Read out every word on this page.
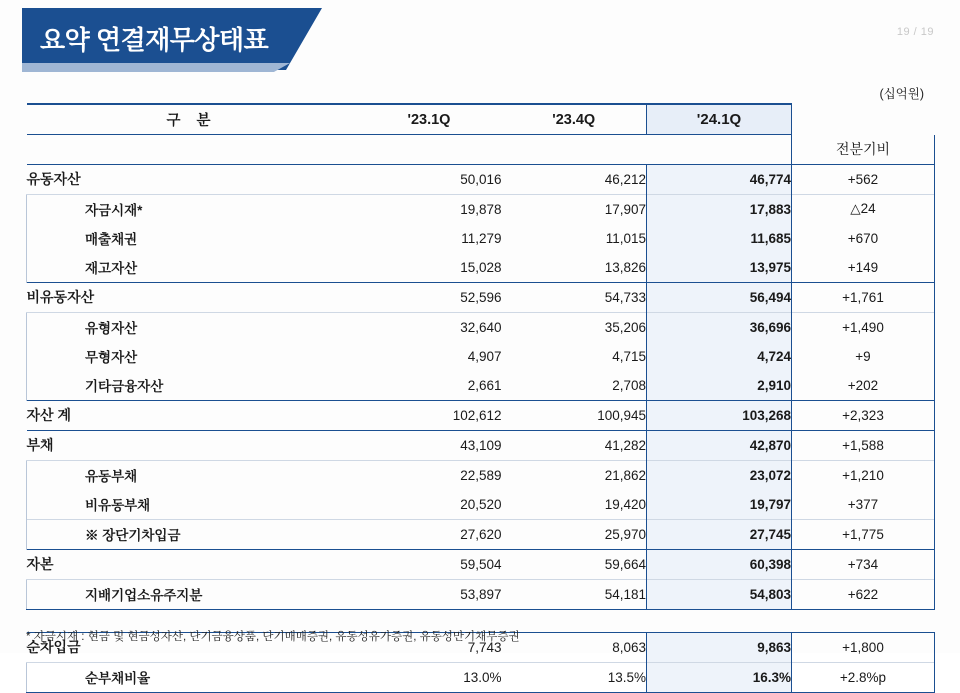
요약 연결재무상태표	19 / 19
(십억원)
구 분	'23.1Q	'23.4Q	'24.1Q	
				전분기비
유동자산	50,016	46,212	46,774	+562
자금시재*	19,878	17,907	17,883	△24
매출채권	11,279	11,015	11,685	+670
재고자산	15,028	13,826	13,975	+149
비유동자산	52,596	54,733	56,494	+1,761
유형자산	32,640	35,206	36,696	+1,490
무형자산	4,907	4,715	4,724	+9
기타금융자산	2,661	2,708	2,910	+202
자산 계	102,612	100,945	103,268	+2,323
부채	43,109	41,282	42,870	+1,588
유동부채	22,589	21,862	23,072	+1,210
비유동부채	20,520	19,420	19,797	+377
※ 장단기차입금	27,620	25,970	27,745	+1,775
자본	59,504	59,664	60,398	+734
지배기업소유주지분	53,897	54,181	54,803	+622

순차입금	7,743	8,063	9,863	+1,800
순부채비율	13.0%	13.5%	16.3%	+2.8%p
* 자금시재 : 현금 및 현금성자산, 단기금융상품, 단기매매증권, 유동성유가증권, 유동성만기채무증권
